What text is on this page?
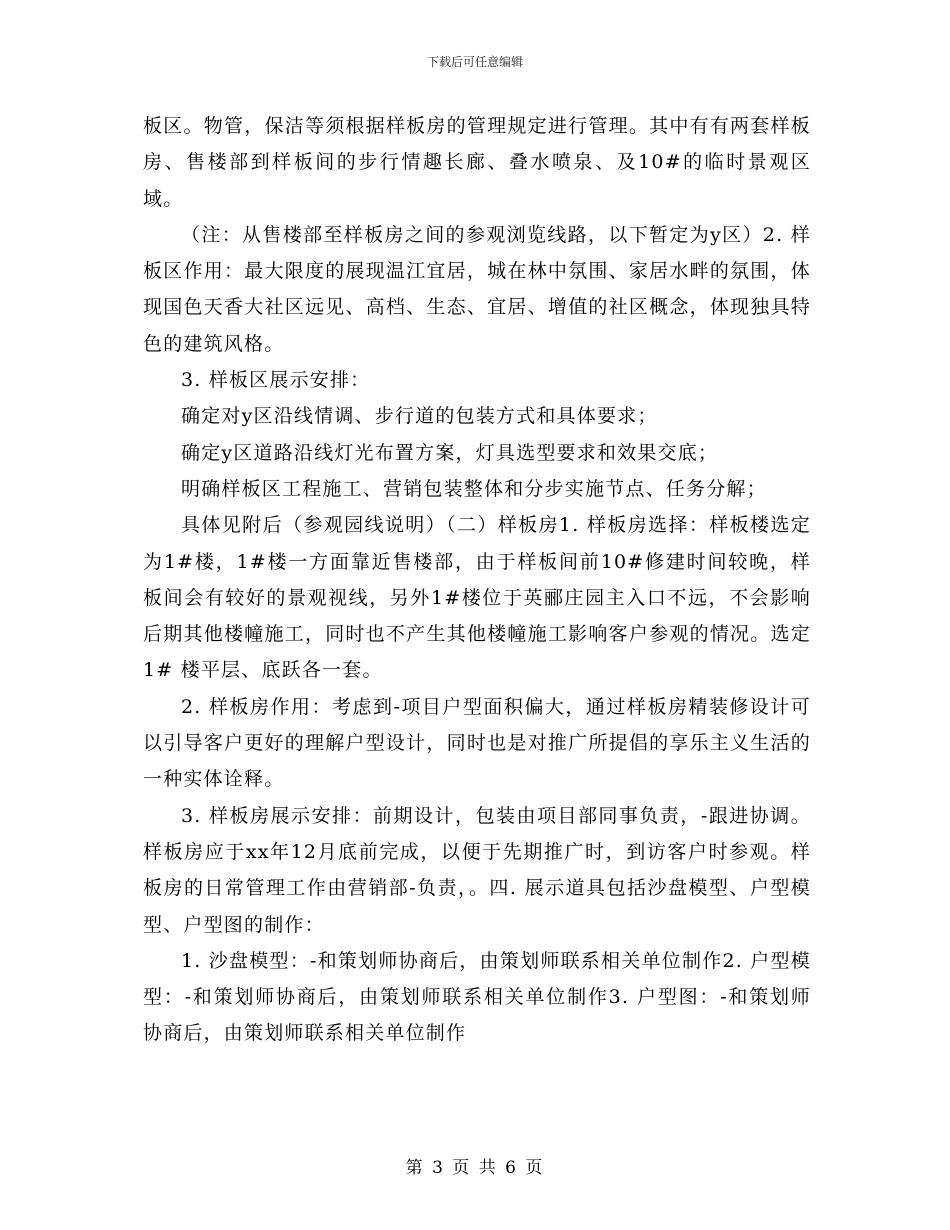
下载后可任意编辑

板区。物管，保洁等须根据样板房的管理规定进行管理。其中有有两套样板房、售楼部到样板间的步行情趣长廊、叠水喷泉、及10#的临时景观区域。

（注：从售楼部至样板房之间的参观浏览线路，以下暂定为y区）2. 样板区作用：最大限度的展现温江宜居，城在林中氛围、家居水畔的氛围，体现国色天香大社区远见、高档、生态、宜居、增值的社区概念，体现独具特色的建筑风格。

3. 样板区展示安排：

确定对y区沿线情调、步行道的包装方式和具体要求；

确定y区道路沿线灯光布置方案，灯具选型要求和效果交底；

明确样板区工程施工、营销包装整体和分步实施节点、任务分解；

具体见附后（参观园线说明）（二）样板房1. 样板房选择：样板楼选定为1#楼，1#楼一方面靠近售楼部，由于样板间前10#修建时间较晚，样板间会有较好的景观视线，另外1#楼位于英郦庄园主入口不远，不会影响后期其他楼幢施工，同时也不产生其他楼幢施工影响客户参观的情况。选定1# 楼平层、底跃各一套。

2. 样板房作用：考虑到-项目户型面积偏大，通过样板房精装修设计可以引导客户更好的理解户型设计，同时也是对推广所提倡的享乐主义生活的一种实体诠释。

3. 样板房展示安排：前期设计，包装由项目部同事负责，-跟进协调。样板房应于xx年12月底前完成，以便于先期推广时，到访客户时参观。样板房的日常管理工作由营销部-负责，。四. 展示道具包括沙盘模型、户型模型、户型图的制作：

1. 沙盘模型：-和策划师协商后，由策划师联系相关单位制作2. 户型模型：-和策划师协商后，由策划师联系相关单位制作3. 户型图：-和策划师协商后，由策划师联系相关单位制作

第 3 页 共 6 页
